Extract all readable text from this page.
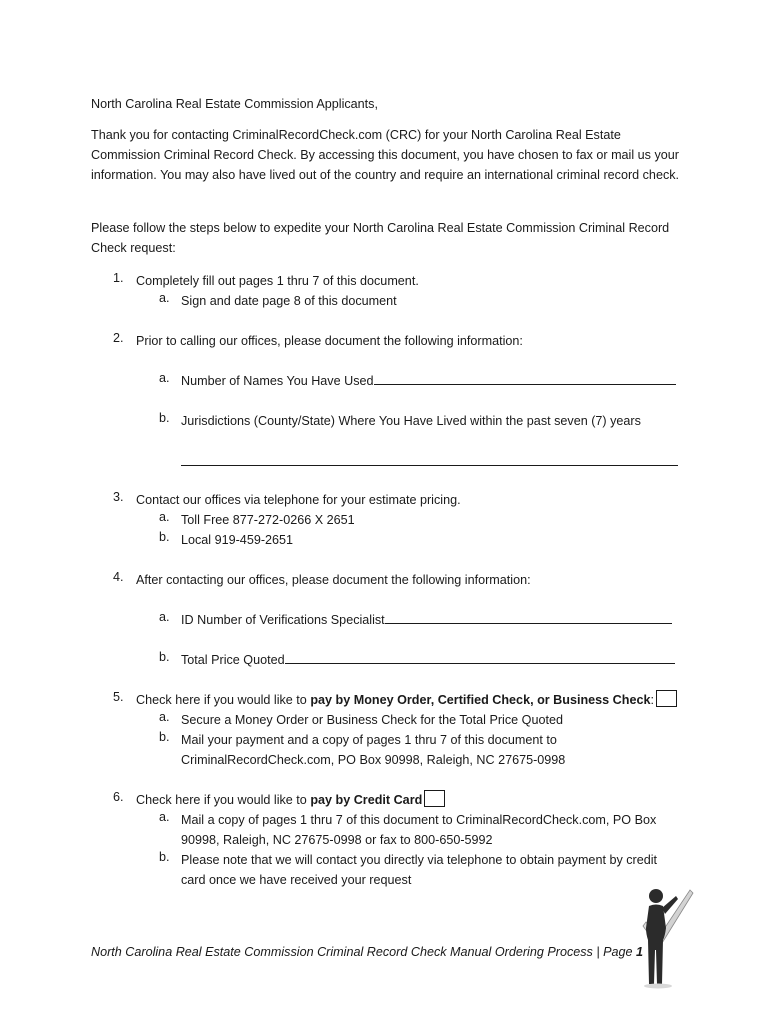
North Carolina Real Estate Commission Applicants,

Thank you for contacting CriminalRecordCheck.com (CRC) for your North Carolina Real Estate Commission Criminal Record Check. By accessing this document, you have chosen to fax or mail us your information. You may also have lived out of the country and require an international criminal record check.

Please follow the steps below to expedite your North Carolina Real Estate Commission Criminal Record Check request:

1. Completely fill out pages 1 thru 7 of this document.
a. Sign and date page 8 of this document
2. Prior to calling our offices, please document the following information:
a. Number of Names You Have Used
b. Jurisdictions (County/State) Where You Have Lived within the past seven (7) years
3. Contact our offices via telephone for your estimate pricing.
a. Toll Free 877-272-0266 X 2651
b. Local 919-459-2651
4. After contacting our offices, please document the following information:
a. ID Number of Verifications Specialist
b. Total Price Quoted
5. Check here if you would like to pay by Money Order, Certified Check, or Business Check:
a. Secure a Money Order or Business Check for the Total Price Quoted
b. Mail your payment and a copy of pages 1 thru 7 of this document to CriminalRecordCheck.com, PO Box 90998, Raleigh, NC 27675-0998
6. Check here if you would like to pay by Credit Card
a. Mail a copy of pages 1 thru 7 of this document to CriminalRecordCheck.com, PO Box 90998, Raleigh, NC 27675-0998 or fax to 800-650-5992
b. Please note that we will contact you directly via telephone to obtain payment by credit card once we have received your request
North Carolina Real Estate Commission Criminal Record Check Manual Ordering Process | Page 1
